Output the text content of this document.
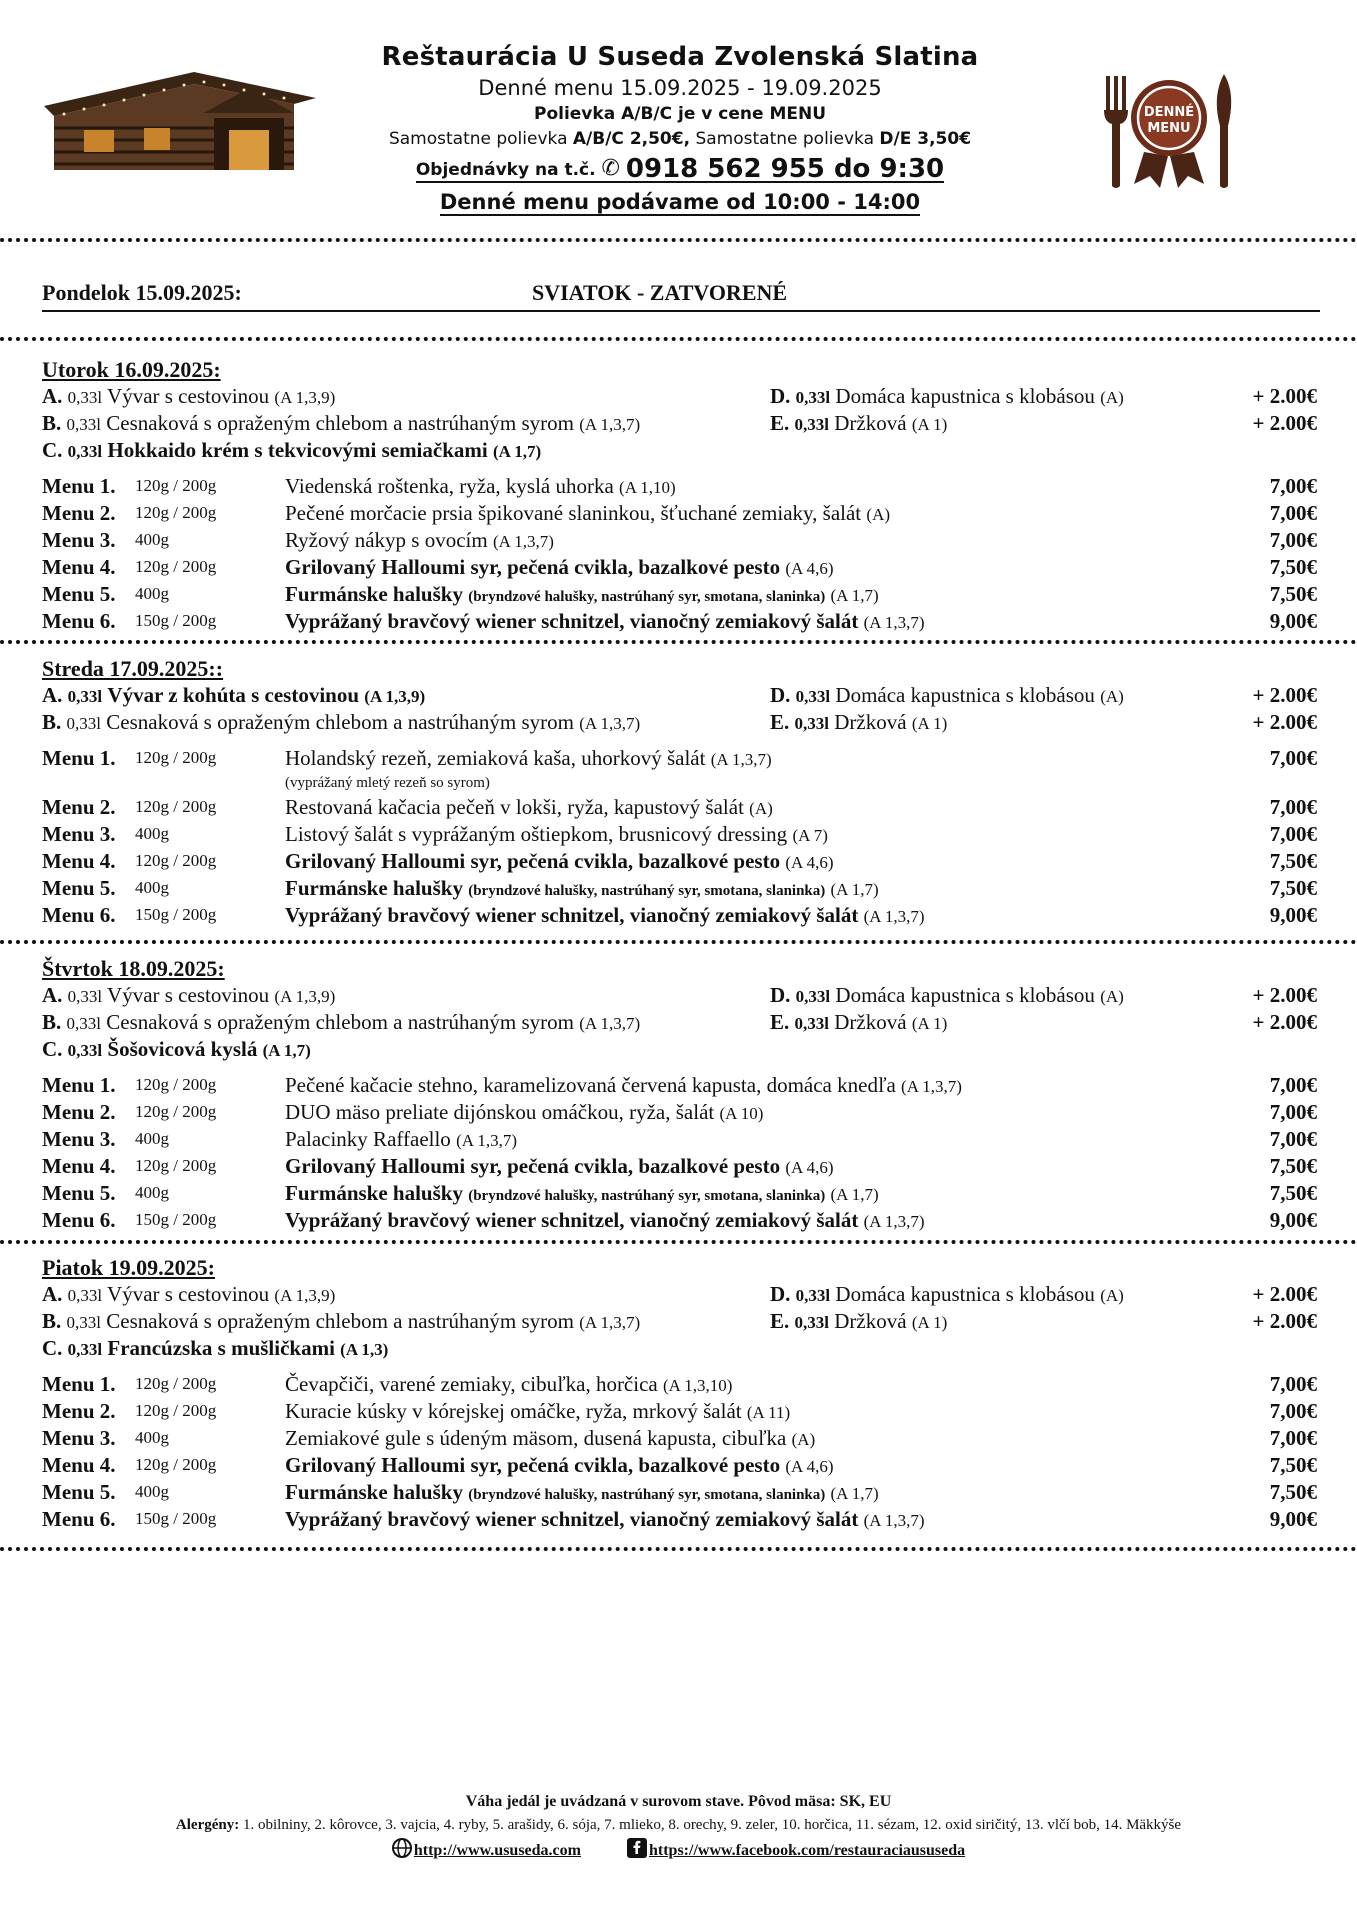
Reštaurácia U Suseda Zvolenská Slatina
Denné menu 15.09.2025 - 19.09.2025
Polievka A/B/C je v cene MENU
Samostatne polievka A/B/C 2,50€, Samostatne polievka D/E 3,50€
Objednávky na t.č. ✆ 0918 562 955 do 9:30
Denné menu podávame od 10:00 - 14:00
DENNÉ
MENU
Pondelok 15.09.2025:	SVIATOK - ZATVORENÉ
Utorok 16.09.2025:
A. 0,33l Vývar s cestovinou (A 1,3,9)	D. 0,33l Domáca kapustnica s klobásou (A)	+ 2.00€
B. 0,33l Cesnaková s opraženým chlebom a nastrúhaným syrom (A 1,3,7)	E. 0,33l Držková (A 1)	+ 2.00€
C. 0,33l Hokkaido krém s tekvicovými semiačkami (A 1,7)
Menu 1. 120g / 200g	Viedenská roštenka, ryža, kyslá uhorka (A 1,10)	7,00€
Menu 2. 120g / 200g	Pečené morčacie prsia špikované slaninkou, šťuchané zemiaky, šalát (A)	7,00€
Menu 3. 400g	Ryžový nákyp s ovocím (A 1,3,7)	7,00€
Menu 4. 120g / 200g	Grilovaný Halloumi syr, pečená cvikla, bazalkové pesto (A 4,6)	7,50€
Menu 5. 400g	Furmánske halušky (bryndzové halušky, nastrúhaný syr, smotana, slaninka) (A 1,7)	7,50€
Menu 6. 150g / 200g	Vyprážaný bravčový wiener schnitzel, vianočný zemiakový šalát (A 1,3,7)	9,00€
Streda 17.09.2025::
A. 0,33l Vývar z kohúta s cestovinou (A 1,3,9)	D. 0,33l Domáca kapustnica s klobásou (A)	+ 2.00€
B. 0,33l Cesnaková s opraženým chlebom a nastrúhaným syrom (A 1,3,7)	E. 0,33l Držková (A 1)	+ 2.00€
Menu 1. 120g / 200g	Holandský rezeň, zemiaková kaša, uhorkový šalát (A 1,3,7)	7,00€
(vyprážaný mletý rezeň so syrom)
Menu 2. 120g / 200g	Restovaná kačacia pečeň v lokši, ryža, kapustový šalát (A)	7,00€
Menu 3. 400g	Listový šalát s vyprážaným oštiepkom, brusnicový dressing (A 7)	7,00€
Menu 4. 120g / 200g	Grilovaný Halloumi syr, pečená cvikla, bazalkové pesto (A 4,6)	7,50€
Menu 5. 400g	Furmánske halušky (bryndzové halušky, nastrúhaný syr, smotana, slaninka) (A 1,7)	7,50€
Menu 6. 150g / 200g	Vyprážaný bravčový wiener schnitzel, vianočný zemiakový šalát (A 1,3,7)	9,00€
Štvrtok 18.09.2025:
A. 0,33l Vývar s cestovinou (A 1,3,9)	D. 0,33l Domáca kapustnica s klobásou (A)	+ 2.00€
B. 0,33l Cesnaková s opraženým chlebom a nastrúhaným syrom (A 1,3,7)	E. 0,33l Držková (A 1)	+ 2.00€
C. 0,33l Šošovicová kyslá (A 1,7)
Menu 1. 120g / 200g	Pečené kačacie stehno, karamelizovaná červená kapusta, domáca knedľa (A 1,3,7)	7,00€
Menu 2. 120g / 200g	DUO mäso preliate dijónskou omáčkou, ryža, šalát (A 10)	7,00€
Menu 3. 400g	Palacinky Raffaello (A 1,3,7)	7,00€
Menu 4. 120g / 200g	Grilovaný Halloumi syr, pečená cvikla, bazalkové pesto (A 4,6)	7,50€
Menu 5. 400g	Furmánske halušky (bryndzové halušky, nastrúhaný syr, smotana, slaninka) (A 1,7)	7,50€
Menu 6. 150g / 200g	Vyprážaný bravčový wiener schnitzel, vianočný zemiakový šalát (A 1,3,7)	9,00€
Piatok 19.09.2025:
A. 0,33l Vývar s cestovinou (A 1,3,9)	D. 0,33l Domáca kapustnica s klobásou (A)	+ 2.00€
B. 0,33l Cesnaková s opraženým chlebom a nastrúhaným syrom (A 1,3,7)	E. 0,33l Držková (A 1)	+ 2.00€
C. 0,33l Francúzska s mušličkami (A 1,3)
Menu 1. 120g / 200g	Čevapčiči, varené zemiaky, cibuľka, horčica (A 1,3,10)	7,00€
Menu 2. 120g / 200g	Kuracie kúsky v kórejskej omáčke, ryža, mrkový šalát (A 11)	7,00€
Menu 3. 400g	Zemiakové gule s údeným mäsom, dusená kapusta, cibuľka (A)	7,00€
Menu 4. 120g / 200g	Grilovaný Halloumi syr, pečená cvikla, bazalkové pesto (A 4,6)	7,50€
Menu 5. 400g	Furmánske halušky (bryndzové halušky, nastrúhaný syr, smotana, slaninka) (A 1,7)	7,50€
Menu 6. 150g / 200g	Vyprážaný bravčový wiener schnitzel, vianočný zemiakový šalát (A 1,3,7)	9,00€
Váha jedál je uvádzaná v surovom stave. Pôvod mäsa: SK, EU
Alergény: 1. obilniny, 2. kôrovce, 3. vajcia, 4. ryby, 5. arašidy, 6. sója, 7. mlieko, 8. orechy, 9. zeler, 10. horčica, 11. sézam, 12. oxid siričitý, 13. vlčí bob, 14. Mäkkýše
http://www.ususeda.com	https://www.facebook.com/restauraciaususeda
